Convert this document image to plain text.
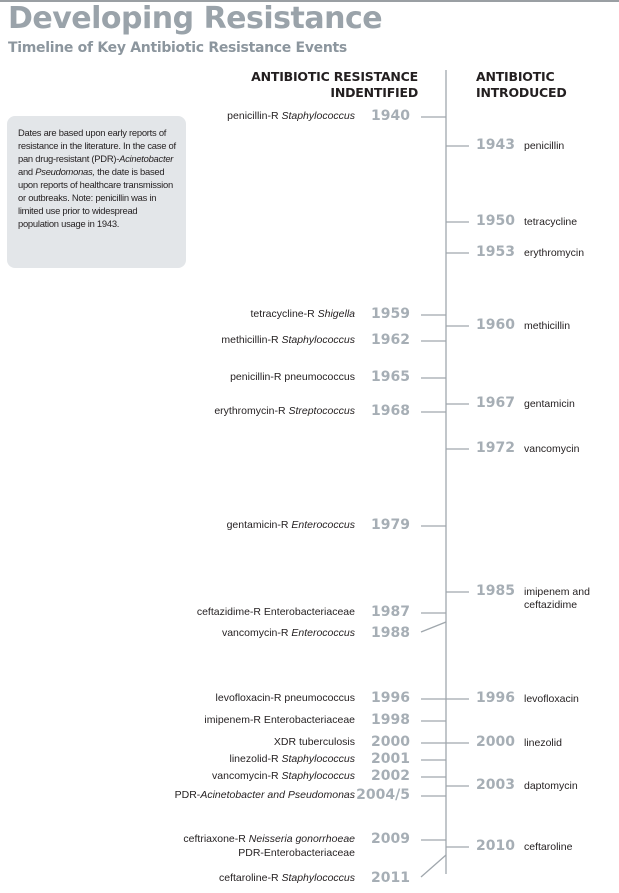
Developing Resistance
Timeline of Key Antibiotic Resistance Events
ANTIBIOTIC RESISTANCE
INDENTIFIED
ANTIBIOTIC
INTRODUCED
Dates are based upon early reports of resistance in the literature. In the case of pan drug-resistant (PDR)-Acinetobacter and Pseudomonas, the date is based upon reports of healthcare transmission or outbreaks. Note: penicillin was in limited use prior to widespread population usage in 1943.
1940
penicillin-R Staphylococcus
1959
tetracycline-R Shigella
1962
methicillin-R Staphylococcus
1965
penicillin-R pneumococcus
1968
erythromycin-R Streptococcus
1979
gentamicin-R Enterococcus
1987
ceftazidime-R Enterobacteriaceae
1988
vancomycin-R Enterococcus
1996
levofloxacin-R pneumococcus
1998
imipenem-R Enterobacteriaceae
2000
XDR tuberculosis
2001
linezolid-R Staphylococcus
2002
vancomycin-R Staphylococcus
2004/5
PDR-Acinetobacter and Pseudomonas
2009
ceftriaxone-R Neisseria gonorrhoeae
PDR-Enterobacteriaceae
2011
ceftaroline-R Staphylococcus
1943 penicillin
1950 tetracycline
1953 erythromycin
1960 methicillin
1967 gentamicin
1972 vancomycin
1985 imipenem and
ceftazidime
1996 levofloxacin
2000 linezolid
2003 daptomycin
2010 ceftaroline
